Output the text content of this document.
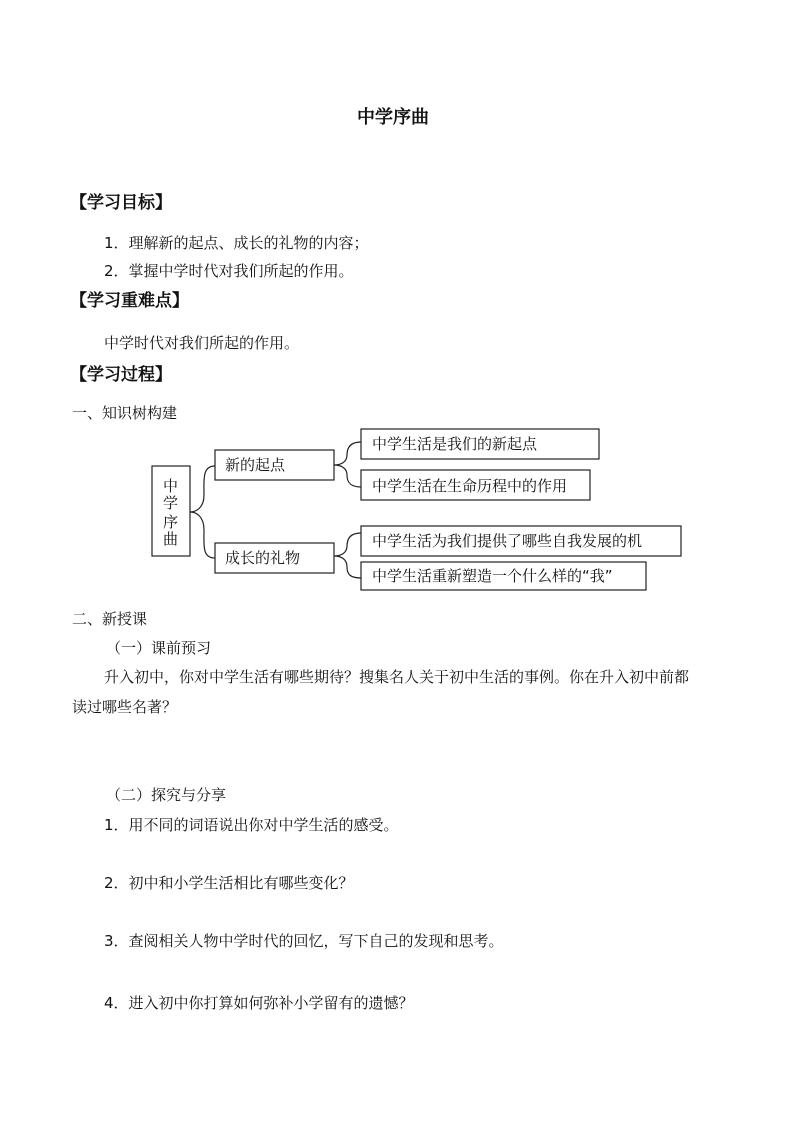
中学序曲
【学习目标】
1．理解新的起点、成长的礼物的内容；
2．掌握中学时代对我们所起的作用。
【学习重难点】
中学时代对我们所起的作用。
【学习过程】
一、知识树构建
中
学
序
曲
新的起点
中学生活是我们的新起点
中学生活在生命历程中的作用
成长的礼物
中学生活为我们提供了哪些自我发展的机
中学生活重新塑造一个什么样的“我”
二、新授课
（一）课前预习
升入初中，你对中学生活有哪些期待？搜集名人关于初中生活的事例。你在升入初中前都
读过哪些名著？
（二）探究与分享
1．用不同的词语说出你对中学生活的感受。
2．初中和小学生活相比有哪些变化？
3．查阅相关人物中学时代的回忆，写下自己的发现和思考。
4．进入初中你打算如何弥补小学留有的遗憾？
